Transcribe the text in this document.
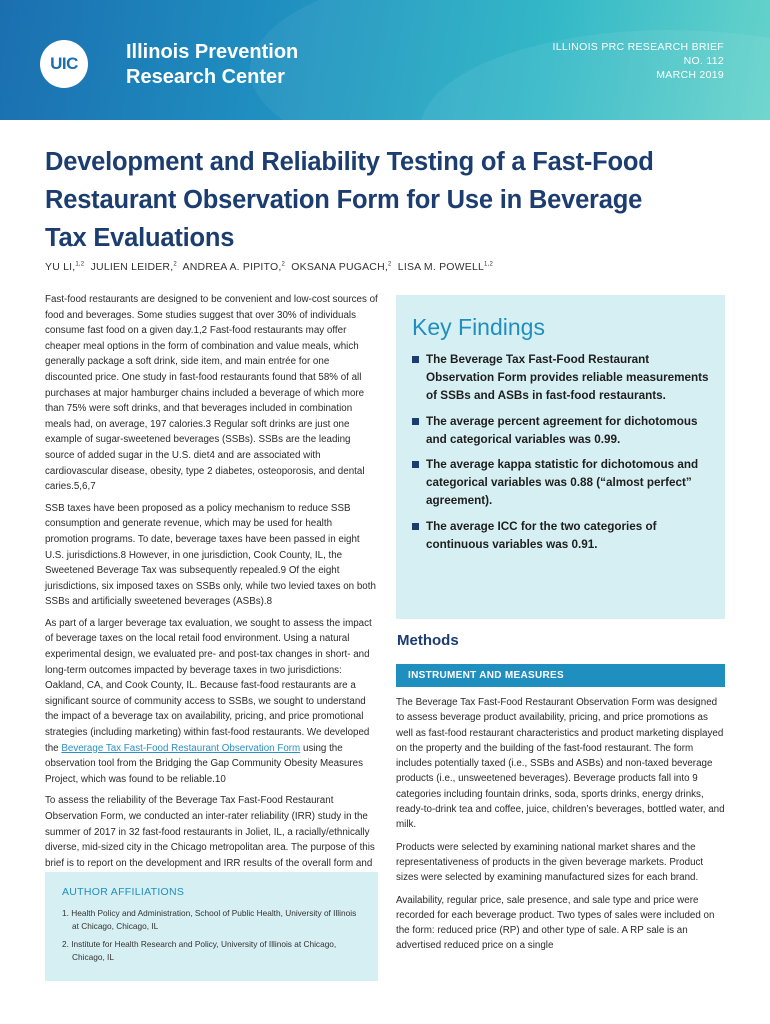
UIC
Illinois Prevention Research Center
ILLINOIS PRC RESEARCH BRIEF
NO. 112
MARCH 2019
Development and Reliability Testing of a Fast-Food Restaurant Observation Form for Use in Beverage Tax Evaluations
YU LI,$^{1,2}$ JULIEN LEIDER,$^2$ ANDREA A. PIPITO,$^2$ OKSANA PUGACH,$^2$ LISA M. POWELL$^{1,2}$

Fast-food restaurants are designed to be convenient and low-cost sources of food and beverages. Some studies suggest that over 30% of individuals consume fast food on a given day.1,2 Fast-food restaurants may offer cheaper meal options in the form of combination and value meals, which generally package a soft drink, side item, and main entrée for one discounted price. One study in fast-food restaurants found that 58% of all purchases at major hamburger chains included a beverage of which more than 75% were soft drinks, and that beverages included in combination meals had, on average, 197 calories.3 Regular soft drinks are just one example of sugar-sweetened beverages (SSBs). SSBs are the leading source of added sugar in the U.S. diet4 and are associated with cardiovascular disease, obesity, type 2 diabetes, osteoporosis, and dental caries.5,6,7

SSB taxes have been proposed as a policy mechanism to reduce SSB consumption and generate revenue, which may be used for health promotion programs. To date, beverage taxes have been passed in eight U.S. jurisdictions.8 However, in one jurisdiction, Cook County, IL, the Sweetened Beverage Tax was subsequently repealed.9 Of the eight jurisdictions, six imposed taxes on SSBs only, while two levied taxes on both SSBs and artificially sweetened beverages (ASBs).8

As part of a larger beverage tax evaluation, we sought to assess the impact of beverage taxes on the local retail food environment. Using a natural experimental design, we evaluated pre- and post-tax changes in short- and long-term outcomes impacted by beverage taxes in two jurisdictions: Oakland, CA, and Cook County, IL. Because fast-food restaurants are a significant source of community access to SSBs, we sought to understand the impact of a beverage tax on availability, pricing, and price promotional strategies (including marketing) within fast-food restaurants. We developed the Beverage Tax Fast-Food Restaurant Observation Form using the observation tool from the Bridging the Gap Community Obesity Measures Project, which was found to be reliable.10

To assess the reliability of the Beverage Tax Fast-Food Restaurant Observation Form, we conducted an inter-rater reliability (IRR) study in the summer of 2017 in 32 fast-food restaurants in Joliet, IL, a racially/ethnically diverse, mid-sized city in the Chicago metropolitan area. The purpose of this brief is to report on the development and IRR results of the overall form and

AUTHOR AFFILIATIONS
1. Health Policy and Administration, School of Public Health, University of Illinois at Chicago, Chicago, IL
2. Institute for Health Research and Policy, University of Illinois at Chicago, Chicago, IL
Key Findings
The Beverage Tax Fast-Food Restaurant Observation Form provides reliable measurements of SSBs and ASBs in fast-food restaurants.
The average percent agreement for dichotomous and categorical variables was 0.99.
The average kappa statistic for dichotomous and categorical variables was 0.88 (“almost perfect” agreement).
The average ICC for the two categories of continuous variables was 0.91.
Methods
INSTRUMENT AND MEASURES

The Beverage Tax Fast-Food Restaurant Observation Form was designed to assess beverage product availability, pricing, and price promotions as well as fast-food restaurant characteristics and product marketing displayed on the property and the building of the fast-food restaurant. The form includes potentially taxed (i.e., SSBs and ASBs) and non-taxed beverage products (i.e., unsweetened beverages). Beverage products fall into 9 categories including fountain drinks, soda, sports drinks, energy drinks, ready-to-drink tea and coffee, juice, children’s beverages, bottled water, and milk.

Products were selected by examining national market shares and the representativeness of products in the given beverage markets. Product sizes were selected by examining manufactured sizes for each brand.

Availability, regular price, sale presence, and sale type and price were recorded for each beverage product. Two types of sales were included on the form: reduced price (RP) and other type of sale. A RP sale is an advertised reduced price on a single
